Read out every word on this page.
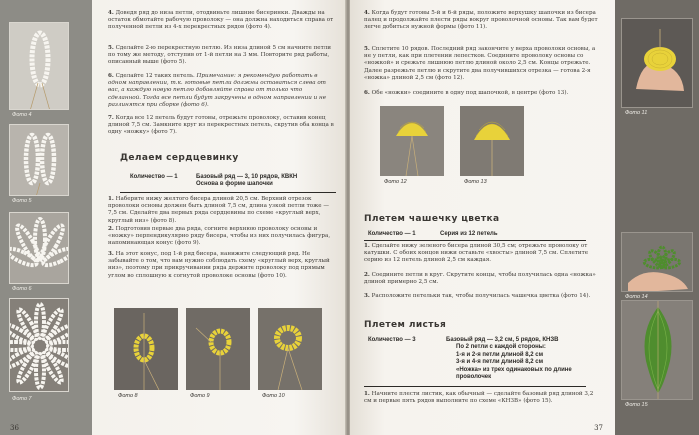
Фото 4
Фото 5
Фото 6
Фото 7
4. Доведя ряд до низа петли, отодвиньте лишние бисеринки. Дважды на остаток обмотайте рабочую проволоку — она должна находиться справа от полученной петли из 4-х перекрестных рядов (фото 4).
5. Сделайте 2-ю перекрестную петлю. Из низа длиной 5 см начните петли по тому же методу, отступив от 1-й петли на 3 мм. Повторите ряд работы, описанный выше (фото 5).
6. Сделайте 12 таких петель. Примечание: я рекомендую работать в одном направлении, т.к. готовые петли должны оставаться слева от вас, а каждую новую петлю добавляйте справа от только что сделанной. Тогда все петли будут закручены в одном направлении и не разлинятся при сборке (фото 6).
7. Когда все 12 петель будут готовы, отрежьте проволоку, оставив конец длиной 7,5 см. Замкните круг из перекрестных петель, скрутив оба конца в одну «ножку» (фото 7).
Делаем сердцевинку
Количество — 1	Базовый ряд — 3, 10 рядов, КВКН
Основа в форме шапочки
1. Наберите нижу желтого бисера длиной 20,5 см. Верхний отрезок проволоки основы должен быть длиной 7,5 см, длина узкой петли тоже — 7,5 см. Сделайте два первых ряда сердцевины по схеме «круглый верх, круглый низ» (фото 8).
2. Подготовив первые два ряда, согните верхнюю проволоку основы и «ножку» перпендикулярно ряду бисера, чтобы из них получилась фигура, напоминающая конус (фото 9).
3. На этот конус, под 1-й ряд бисера, нанижите следующий ряд. Не забывайте о том, что вам нужно соблюдать схему «круглый верх, круглый низ», поэтому при прикручивании ряда держите проволоку под прямым углом во сплошную к согнутой проволоке основы (фото 10).
Фото 8	Фото 9	Фото 10
36
4. Когда будут готовы 5-й и 6-й ряды, положите верхушку шапочки из бисера палец и продолжайте плести ряды вокруг проволочной основы. Так вам будет легче добиться нужной формы (фото 11).
5. Сплетите 10 рядов. Последний ряд закончите у верха проволоки основы, а не у петли, как при плетении лепестков. Соедините проволоку основы со «ножкой» и срежьте лишнюю петлю длиной около 2,5 см. Концы отрежьте. Далее разрежьте петлю и скрутите два получившихся отрезка — готова 2-я «ножка» длиной 2,5 см (фото 12).
6. Обе «ножки» соедините в одну под шапочкой, в центре (фото 13).
Фото 12	Фото 13
Плетем чашечку цветка
Количество — 1	Серия из 12 петель
1. Сделайте нижу зеленого бисера длиной 30,5 см; отрежьте проволоку от катушки. С обоих концов нижи оставьте «хвосты» длиной 7,5 см. Сплетите серию из 12 петель длиной 2,5 см каждая.
2. Соедините петли в круг. Скрутите концы, чтобы получилась одна «ножка» длиной примерно 2,5 см.
3. Расположите петельки так, чтобы получилась чашечка цветка (фото 14).
Плетем листья
Количество — 3	Базовый ряд — 3,2 см, 5 рядов, КНЗВ
По 2 петли с каждой стороны:
1-я и 2-я петли длиной 8,2 см
3-я и 4-я петли длиной 8,2 см
«Ножка» из трех одинаковых по длине
проволочек
1. Начните плести листик, как обычный — сделайте базовый ряд длиной 3,2 см и первые пять рядов выполните по схеме «КНЗВ» (фото 15).
37
Фото 11
Фото 14
Фото 15
